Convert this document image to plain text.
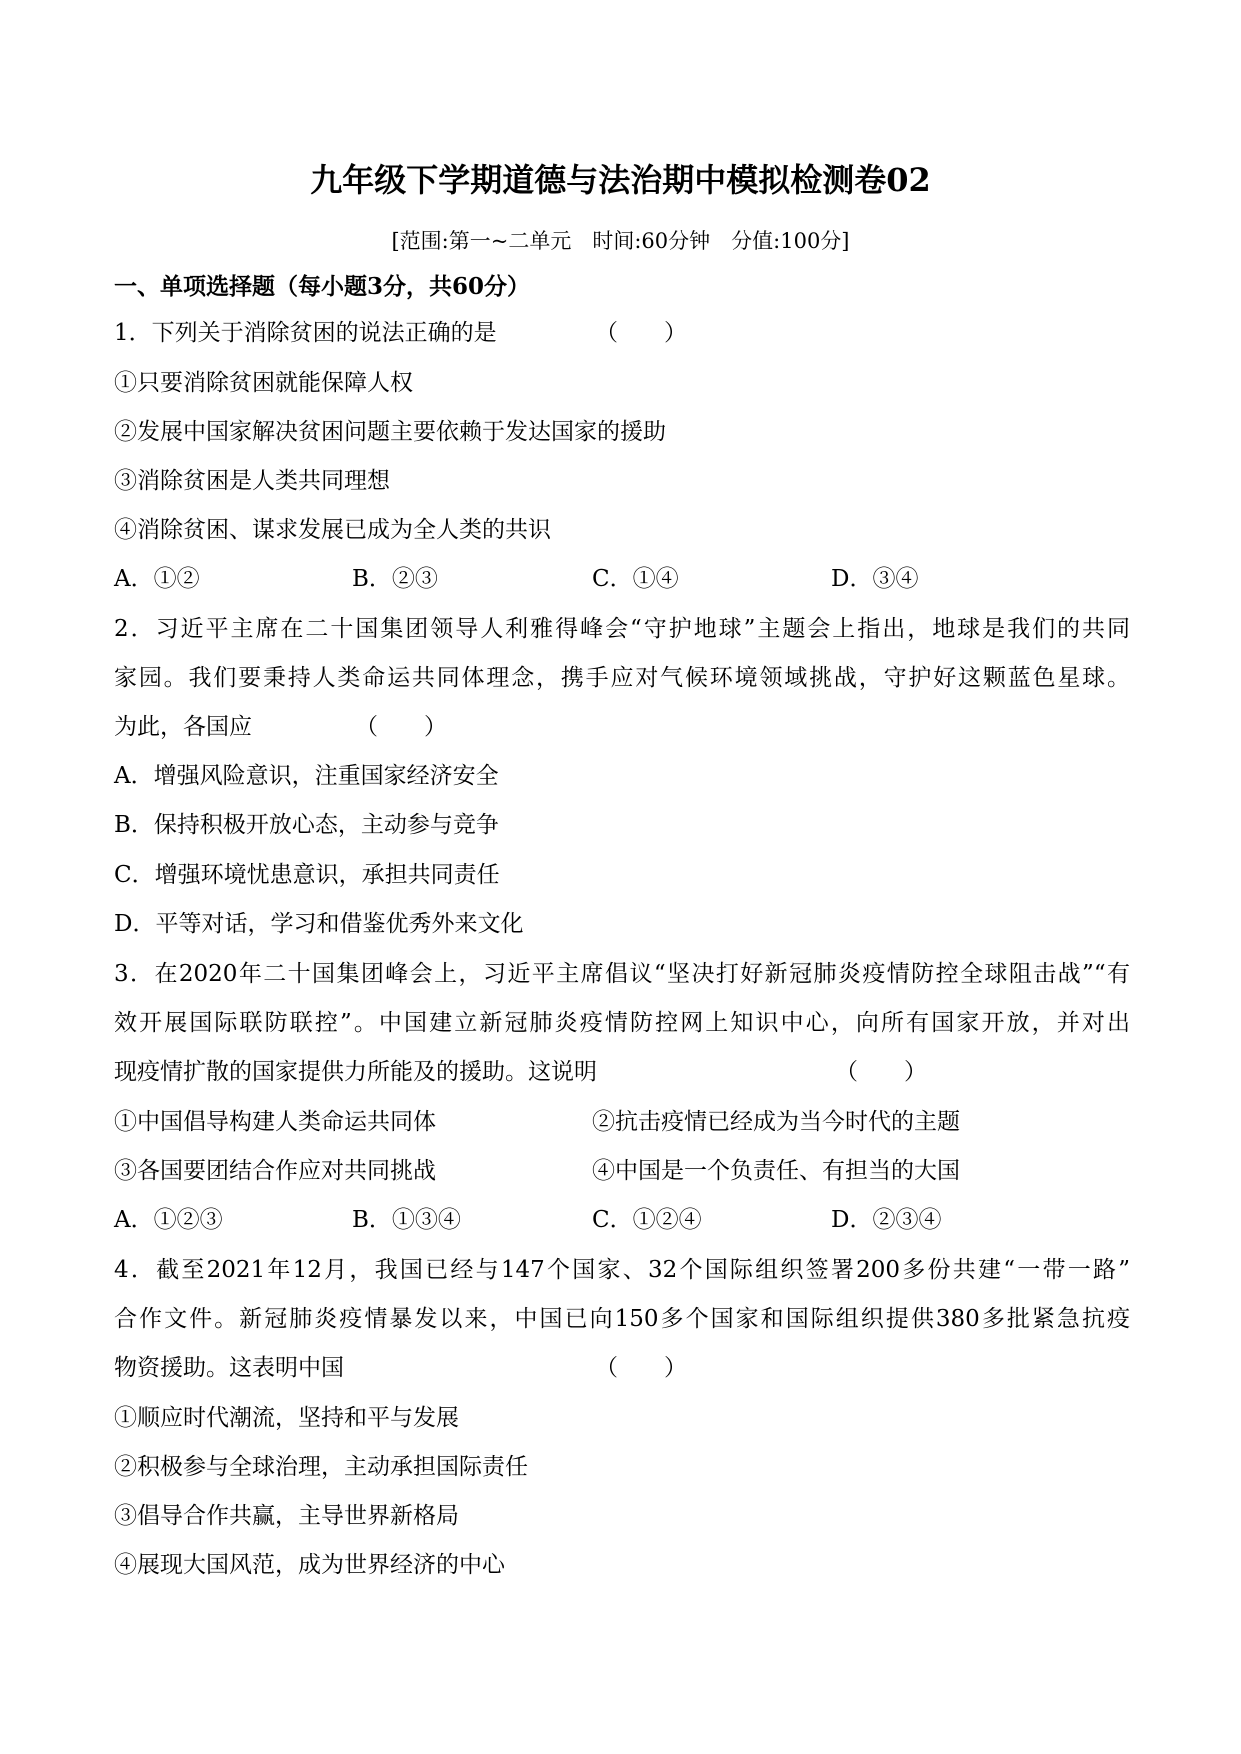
九年级下学期道德与法治期中模拟检测卷02
[范围:第一~二单元　时间:60分钟　分值:100分]
一、单项选择题（每小题3分，共60分）
1．下列关于消除贫困的说法正确的是	（　　）
①只要消除贫困就能保障人权
②发展中国家解决贫困问题主要依赖于发达国家的援助
③消除贫困是人类共同理想
④消除贫困、谋求发展已成为全人类的共识
A．①②	B．②③	C．①④	D．③④
2．习近平主席在二十国集团领导人利雅得峰会“守护地球”主题会上指出，地球是我们的共同
家园。我们要秉持人类命运共同体理念，携手应对气候环境领域挑战，守护好这颗蓝色星球。
为此，各国应	（　　）
A．增强风险意识，注重国家经济安全
B．保持积极开放心态，主动参与竞争
C．增强环境忧患意识，承担共同责任
D．平等对话，学习和借鉴优秀外来文化
3．在2020年二十国集团峰会上，习近平主席倡议“坚决打好新冠肺炎疫情防控全球阻击战”“有
效开展国际联防联控”。中国建立新冠肺炎疫情防控网上知识中心，向所有国家开放，并对出
现疫情扩散的国家提供力所能及的援助。这说明	（　　）
①中国倡导构建人类命运共同体	②抗击疫情已经成为当今时代的主题
③各国要团结合作应对共同挑战	④中国是一个负责任、有担当的大国
A．①②③	B．①③④	C．①②④	D．②③④
4．截至2021年12月，我国已经与147个国家、32个国际组织签署200多份共建“一带一路”
合作文件。新冠肺炎疫情暴发以来，中国已向150多个国家和国际组织提供380多批紧急抗疫
物资援助。这表明中国	（　　）
①顺应时代潮流，坚持和平与发展
②积极参与全球治理，主动承担国际责任
③倡导合作共赢，主导世界新格局
④展现大国风范，成为世界经济的中心
